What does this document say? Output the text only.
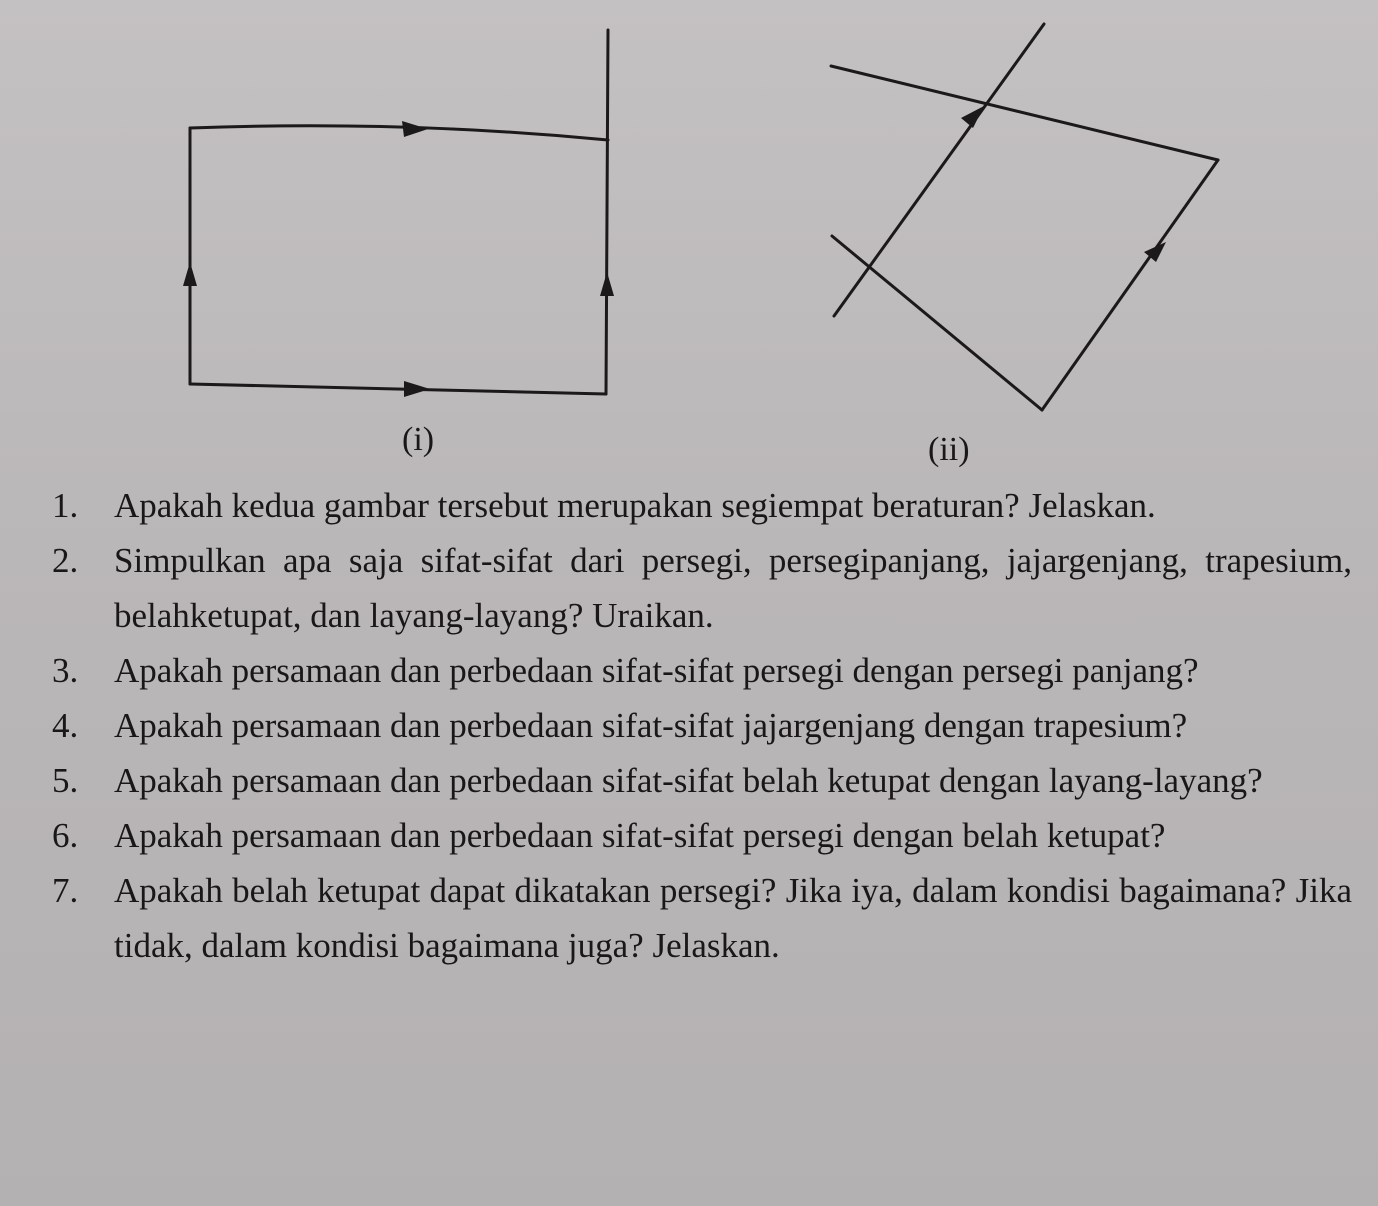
(i)	(ii)
1. Apakah kedua gambar tersebut merupakan segiempat beraturan? Jelaskan.
2. Simpulkan apa saja sifat-sifat dari persegi, persegipanjang, jajargenjang, trapesium, belahketupat, dan layang-layang? Uraikan.
3. Apakah persamaan dan perbedaan sifat-sifat persegi dengan persegi panjang?
4. Apakah persamaan dan perbedaan sifat-sifat jajargenjang dengan trapesium?
5. Apakah persamaan dan perbedaan sifat-sifat belah ketupat dengan layang-layang?
6. Apakah persamaan dan perbedaan sifat-sifat persegi dengan belah ketupat?
7. Apakah belah ketupat dapat dikatakan persegi? Jika iya, dalam kondisi bagaimana? Jika tidak, dalam kondisi bagaimana juga? Jelaskan.
